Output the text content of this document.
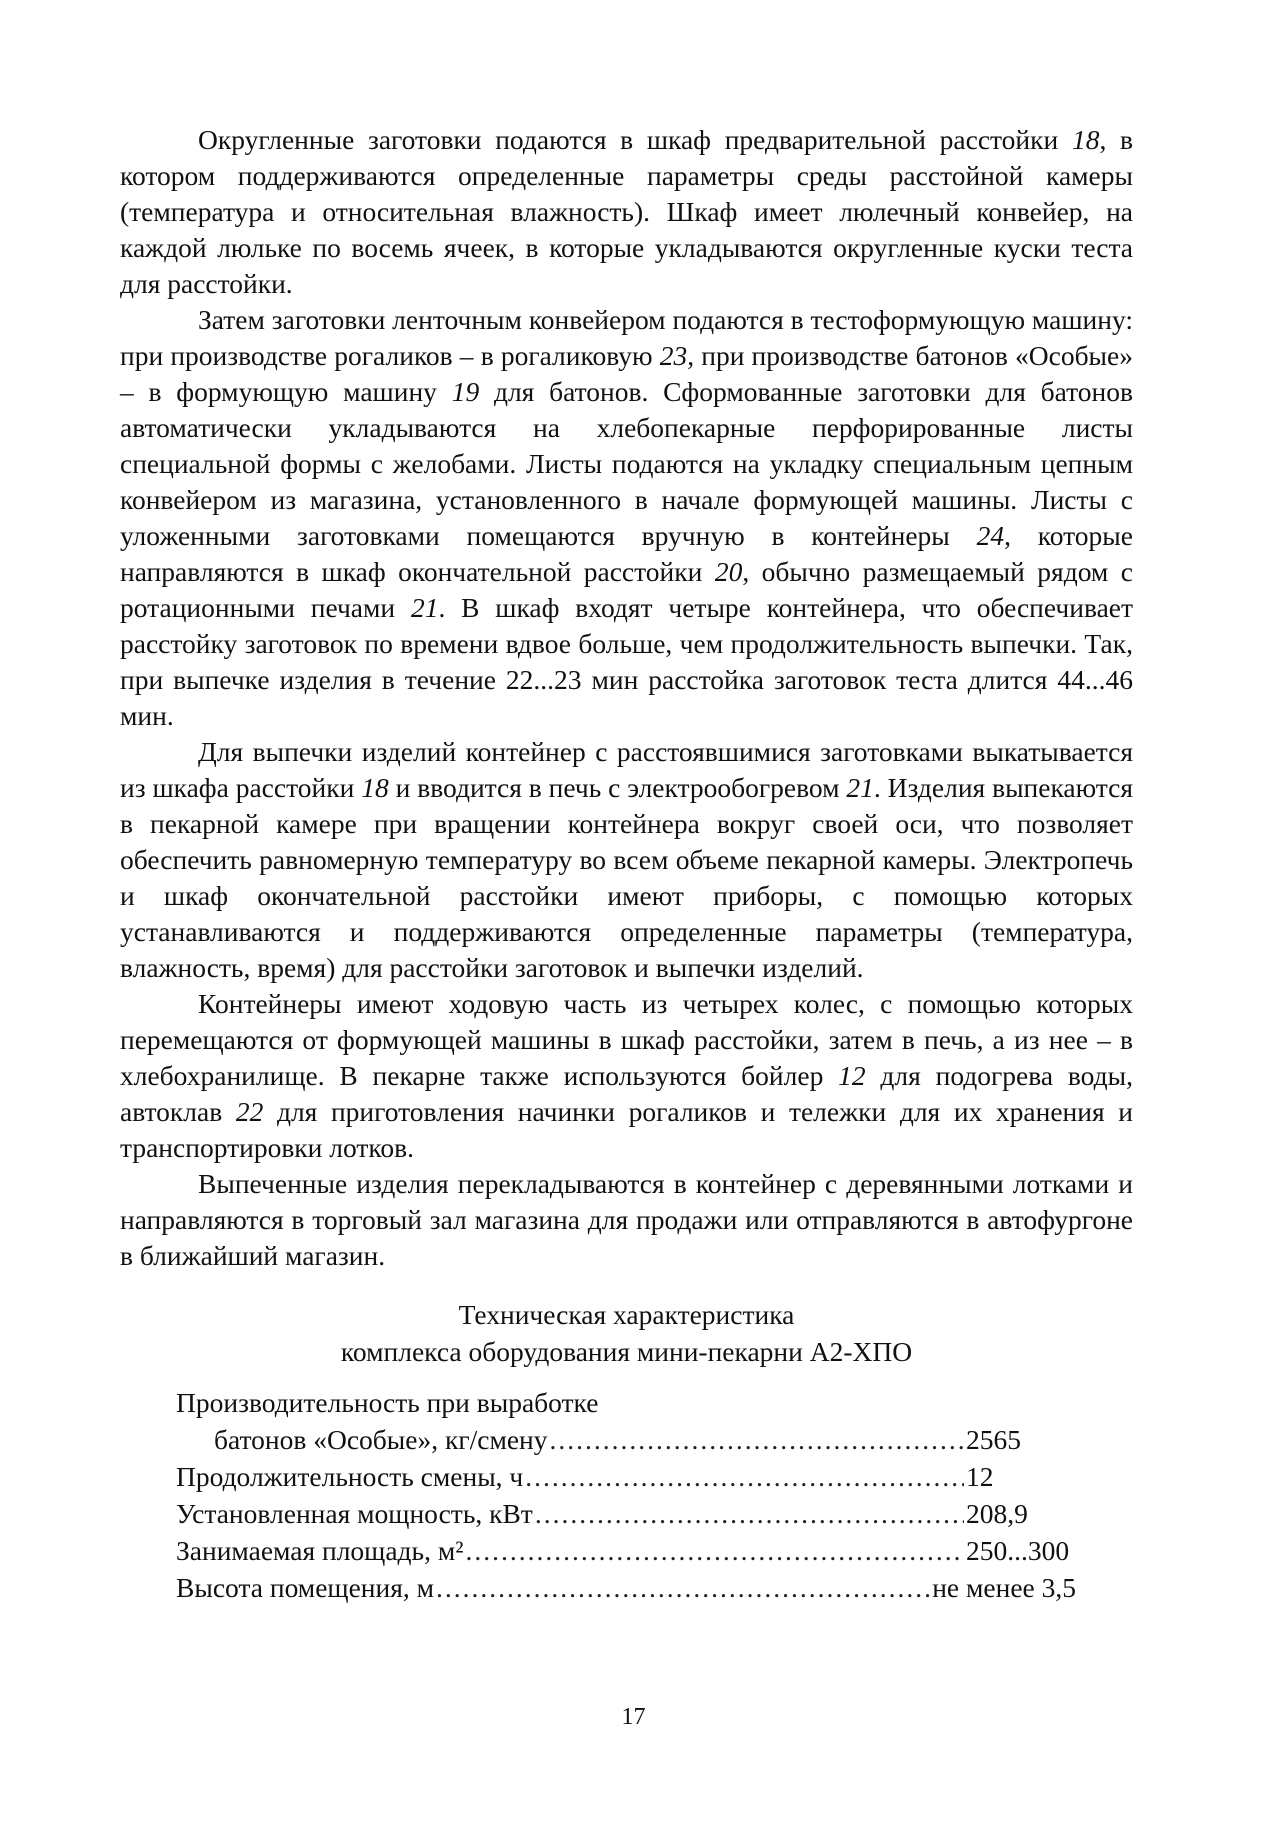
Округленные заготовки подаются в шкаф предварительной расстойки 18, в котором поддерживаются определенные параметры среды расстойной камеры (температура и относительная влажность). Шкаф имеет люлечный конвейер, на каждой люльке по восемь ячеек, в которые укладываются округленные куски теста для расстойки.

Затем заготовки ленточным конвейером подаются в тестоформующую машину: при производстве рогаликов – в рогаликовую 23, при производстве батонов «Особые» – в формующую машину 19 для батонов. Сформованные заготовки для батонов автоматически укладываются на хлебопекарные перфорированные листы специальной формы с желобами. Листы подаются на укладку специальным цепным конвейером из магазина, установленного в начале формующей машины. Листы с уложенными заготовками помещаются вручную в контейнеры 24, которые направляются в шкаф окончательной расстойки 20, обычно размещаемый рядом с ротационными печами 21. В шкаф входят четыре контейнера, что обеспечивает расстойку заготовок по времени вдвое больше, чем продолжительность выпечки. Так, при выпечке изделия в течение 22...23 мин расстойка заготовок теста длится 44...46 мин.

Для выпечки изделий контейнер с расстоявшимися заготовками выкатывается из шкафа расстойки 18 и вводится в печь с электрообогревом 21. Изделия выпекаются в пекарной камере при вращении контейнера вокруг своей оси, что позволяет обеспечить равномерную температуру во всем объеме пекарной камеры. Электропечь и шкаф окончательной расстойки имеют приборы, с помощью которых устанавливаются и поддерживаются определенные параметры (температура, влажность, время) для расстойки заготовок и выпечки изделий.

Контейнеры имеют ходовую часть из четырех колес, с помощью которых перемещаются от формующей машины в шкаф расстойки, затем в печь, а из нее – в хлебохранилище. В пекарне также используются бойлер 12 для подогрева воды, автоклав 22 для приготовления начинки рогаликов и тележки для их хранения и транспортировки лотков.

Выпеченные изделия перекладываются в контейнер с деревянными лотками и направляются в торговый зал магазина для продажи или отправляются в автофургоне в ближайший магазин.

Техническая характеристика
комплекса оборудования мини-пекарни А2-ХПО
Производительность при выработке
батонов «Особые», кг/смену .....	2565
Продолжительность смены, ч .....	12
Установленная мощность, кВт .....	208,9
Занимаемая площадь, м² .....	250...300
Высота помещения, м .....	не менее 3,5
17
